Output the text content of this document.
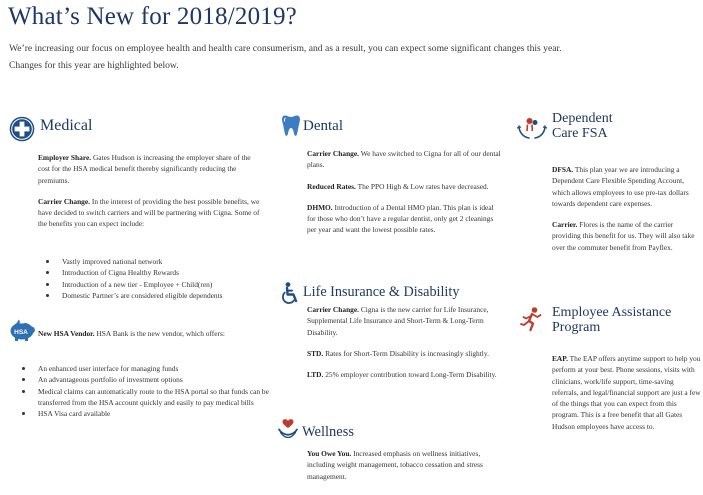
What’s New for 2018/2019?

We’re increasing our focus on employee health and health care consumerism, and as a result, you can expect some significant changes this year.

Changes for this year are highlighted below.

Medical

Employer Share. Gates Hudson is increasing the employer share of the cost for the HSA medical benefit thereby significantly reducing the premiums.

Carrier Change. In the interest of providing the best possible benefits, we have decided to switch carriers and will be partnering with Cigna. Some of the benefits you can expect include:

Vastly improved national network
Introduction of Cigna Healthy Rewards
Introduction of a new tier - Employee + Child(ren)
Domestic Partner’s are considered eligible dependents
HSA New HSA Vendor. HSA Bank is the new vendor, which offers:

An enhanced user interface for managing funds
An advantageous portfolio of investment options
Medical claims can automatically route to the HSA portal so that funds can be transferred from the HSA account quickly and easily to pay medical bills
HSA Visa card available
Dental

Carrier Change. We have switched to Cigna for all of our dental plans.

Reduced Rates. The PPO High & Low rates have decreased.

DHMO. Introduction of a Dental HMO plan. This plan is ideal for those who don’t have a regular dentist, only get 2 cleanings per year and want the lowest possible rates.

Life Insurance & Disability

Carrier Change. Cigna is the new carrier for Life Insurance, Supplemental Life Insurance and Short-Term & Long-Term Disability.

STD. Rates for Short-Term Disability is increasingly slightly.

LTD. 25% employer contribution toward Long-Term Disability.

Wellness

You Owe You. Increased emphasis on wellness initiatives, including weight management, tobacco cessation and stress management.

Dependent
Care FSA

DFSA. This plan year we are introducing a Dependent Care Flexible Spending Account, which allows employees to use pre-tax dollars towards dependent care expenses.

Carrier. Flores is the name of the carrier providing this benefit for us. They will also take over the commuter benefit from Payflex.

Employee Assistance
Program

EAP. The EAP offers anytime support to help you perform at your best. Phone sessions, visits with clinicians, work/life support, time-saving referrals, and legal/financial support are just a few of the things that you can expect from this program. This is a free benefit that all Gates Hudson employees have access to.
